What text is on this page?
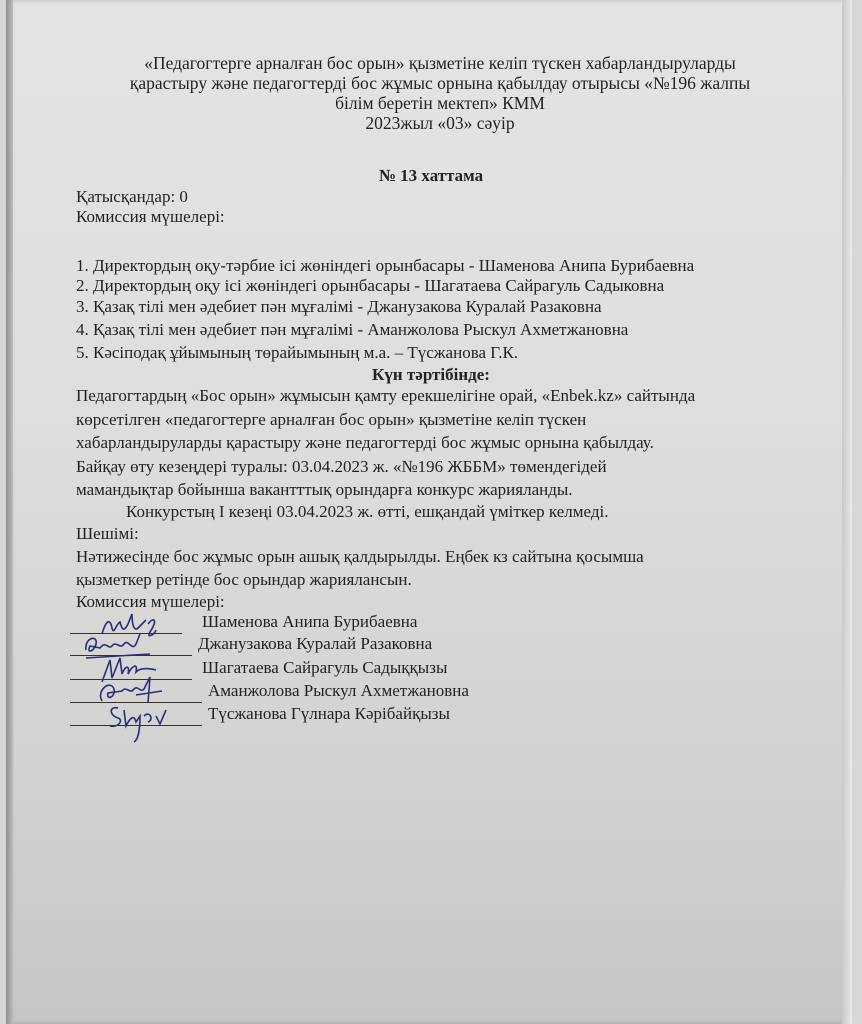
«Педагогтерге арналған бос орын» қызметіне келіп түскен хабарландыруларды
қарастыру және педагогтерді бос жұмыс орнына қабылдау отырысы «№196 жалпы
білім беретін мектеп» КММ
2023жыл «03» сәуір
№ 13 хаттама
Қатысқандар: 0
Комиссия мүшелері:
1. Директордың оқу-тәрбие ісі жөніндегі орынбасары - Шаменова Анипа Бурибаевна
2. Директордың оқу ісі жөніндегі орынбасары - Шагатаева Сайрагуль Садыковна
3. Қазақ тілі мен әдебиет пән мұғалімі - Джанузакова Куралай Разаковна
4. Қазақ тілі мен әдебиет пән мұғалімі - Аманжолова Рыскул Ахметжановна
5. Кәсіподақ ұйымының төрайымының м.а. – Түсжанова Г.К.
Күн тәртібінде:
Педагогтардың «Бос орын» жұмысын қамту ерекшелігіне орай, «Enbek.kz» сайтында
көрсетілген «педагогтерге арналған бос орын» қызметіне келіп түскен
хабарландыруларды қарастыру және педагогтерді бос жұмыс орнына қабылдау.
Байқау өту кезеңдері туралы: 03.04.2023 ж. «№196 ЖББМ» төмендегідей
мамандықтар бойынша вакантттық орындарға конкурс жарияланды.
Конкурстың І кезеңі 03.04.2023 ж. өтті, ешқандай үміткер келмеді.
Шешімі:
Нәтижесінде бос жұмыс орын ашық қалдырылды. Еңбек кз сайтына қосымша
қызметкер ретінде бос орындар жариялансын.
Комиссия мүшелері:
Шаменова Анипа Бурибаевна
Джанузакова Куралай Разаковна
Шагатаева Сайрагуль Садыққызы
Аманжолова Рыскул Ахметжановна
Түсжанова Гүлнара Кәрібайқызы
